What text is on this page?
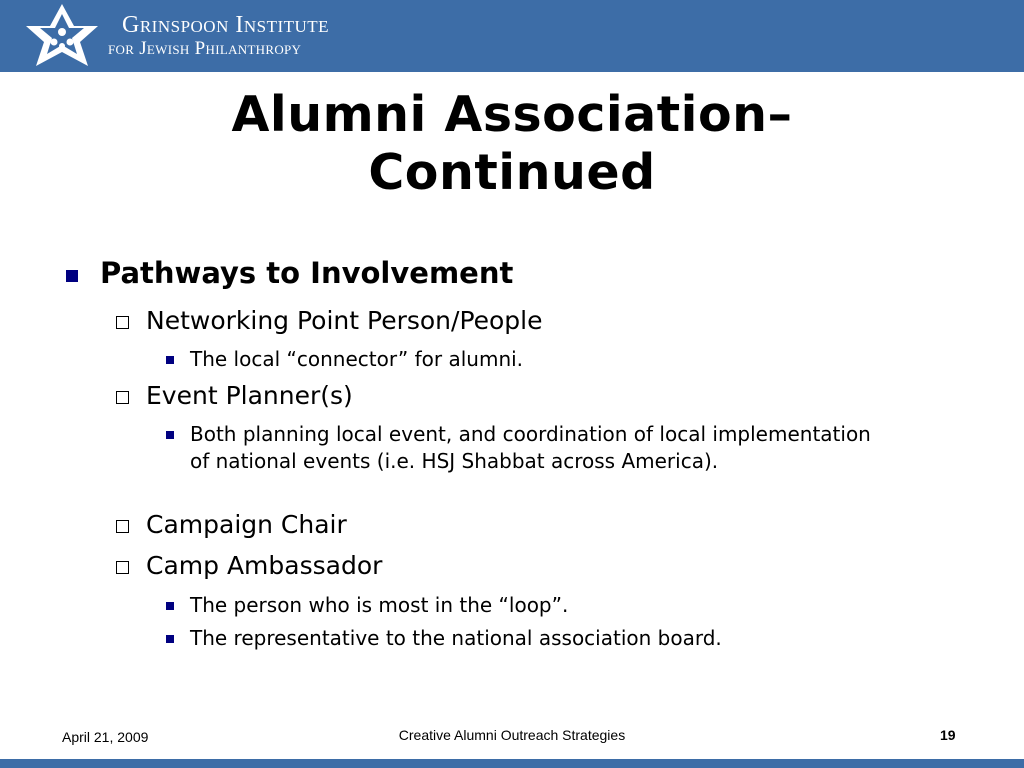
Grinspoon Institute
for Jewish Philanthropy
Alumni Association–
Continued
Pathways to Involvement
Networking Point Person/People
The local “connector” for alumni.
Event Planner(s)
Both planning local event, and coordination of local implementation of national events (i.e. HSJ Shabbat across America).
Campaign Chair
Camp Ambassador
The person who is most in the “loop”.
The representative to the national association board.
April 21, 2009	Creative Alumni Outreach Strategies	19
